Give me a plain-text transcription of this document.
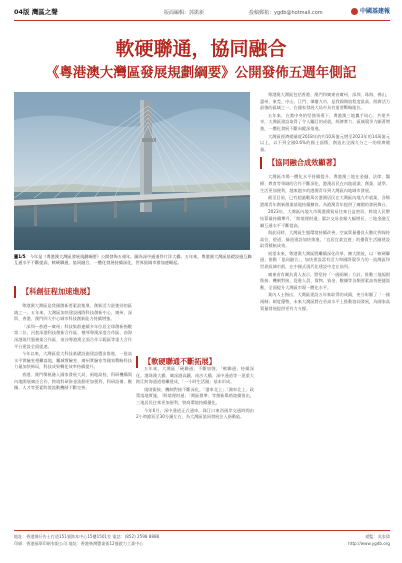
04版 灣區之聲	版面編輯：郭凱新	投稿郵箱：ygdb@hotmail.com	中國基建報
軟硬聯通，協同融合
《粵港澳大灣區發展規劃綱要》公開發佈五週年側記
圖1/5：今年是《粵港澳大灣區發展規劃綱要》公開發佈五週年。圖為深中通道伶仃洋大橋。五年來，粵港澳大灣區基礎設施互聯互通水平不斷提高，軟硬聯通，協同融合，一體化發展持續深化，世界級城市群加速崛起。

粵港澳大灣區包括香港、澳門和廣東省廣州、深圳、珠海、佛山、惠州、東莞、中山、江門、肇慶九市，是我國開放程度最高、經濟活力最強的區域之一，在國家發展大局中具有重要戰略地位。

五年來，在黨中央的堅強領導下，粵港澳三地攜手同心、共建共享，大灣區建設取得了令人矚目的成就，經濟實力、區域競爭力顯著增強，一體化發展不斷向縱深推進。

大灣區經濟總量從2018年的約10萬億元增至2023年的14萬億元以上，以不到全國0.6%的國土面積，創造出全國九分之一的經濟總量。

【協同融合成效顯著】

大灣區市場一體化水平持續提升。粵港澳三地在金融、法律、醫療、教育等領域的合作不斷深化，港澳居民在內地就業、創業、就學、生活更加便利，越來越多的港澳青年到大灣區內地城市發展。

截至目前，已有超過數萬名港澳居民在大灣區內地九市就業，各類港澳青年創新創業基地持續擴容，為港澳青年提供了廣闊的發展舞台。

2023年，大灣區內地九市與港澳貿易往來日益密切，跨境人民幣結算量持續攀升，「跨境理財通」累計交易金額大幅增長，三地金融互聯互通水平不斷提高。

與此同時，大灣區生態環境持續改善，空氣質量優良天數比例保持高位，碧道、綠道建設加快推進，「宜居宜業宜遊」的優質生活圈建設取得積極成效。

展望未來，粵港澳大灣區將繼續深化改革、擴大開放，以「軟硬聯通」推動「協同融合」，加快建設富有活力和國際競爭力的一流灣區和世界級城市群，在中國式現代化建設中走在前列。

廣東省有關負責人表示，將堅持「一國兩制」方針，推動三地規則銜接、機制對接，促進人員、貨物、資金、數據等各類要素高效便捷流動，全面提升大灣區市場一體化水平。

業內人士指出，大灣區建設五年來取得的成績，充分彰顯了「一國兩制」制度優勢，未來大灣區將在更高水平上推動協同發展，為國家高質量發展提供更有力支撐。

【科創征程加速進展】

粵港澳大灣區是我國創新要素最集聚、創新活力最強勁的區域之一。五年來，大灣區加快建設國際科技創新中心，廣州、深圳、香港、澳門四大中心城市科技創新能力持續增強。

「深圳—香港—廣州」科技集群連續多年位居全球創新指數第二位。河套深港科技創新合作區、橫琴粵澳深度合作區、前海深港現代服務業合作區、南沙粵港澳全面合作示範區等重大合作平台建設全面提速。

今年以來，大灣區重大科技基礎設施建設穩步推進，一批高水平實驗室相繼落地，鵬城實驗室、廣州實驗室等國家戰略科技力量加快佈局，科技成果轉化效率持續提升。

香港、澳門積極融入國家發展大局，兩地高校、科研機構與內地開展廣泛合作，跨境科研資金流動更加便利，科研設備、數據、人才等要素跨境流動機制不斷完善。

【軟硬聯通不斷拓展】

五年來，大灣區「硬聯通」不斷加強，「軟聯通」持續深化。港珠澳大橋、廣深港高鐵、南沙大橋、深中通道等一批重大跨江跨海通道相繼建成，「一小時生活圈」基本形成。

規則銜接、機制對接不斷深化。「港車北上」「澳車北上」政策落地實施，「跨境理財通」「灣區標準」等創新舉措陸續推出，三地居民往來更加便利，營商環境持續優化。

今年6月，深中通道正式通車，珠江口東西兩岸交通時間由2小時縮短至30分鐘左右，為大灣區協同發展注入新動能。

地址：香港灣仔告士打道151號資本中心15樓1501室 電話：(852) 2598 8888
印刷：香港福華印刷有限公司 地址：香港柴灣豐業街12號啟力工業中心
總監：吳家偉
http://www.ygdb.org
